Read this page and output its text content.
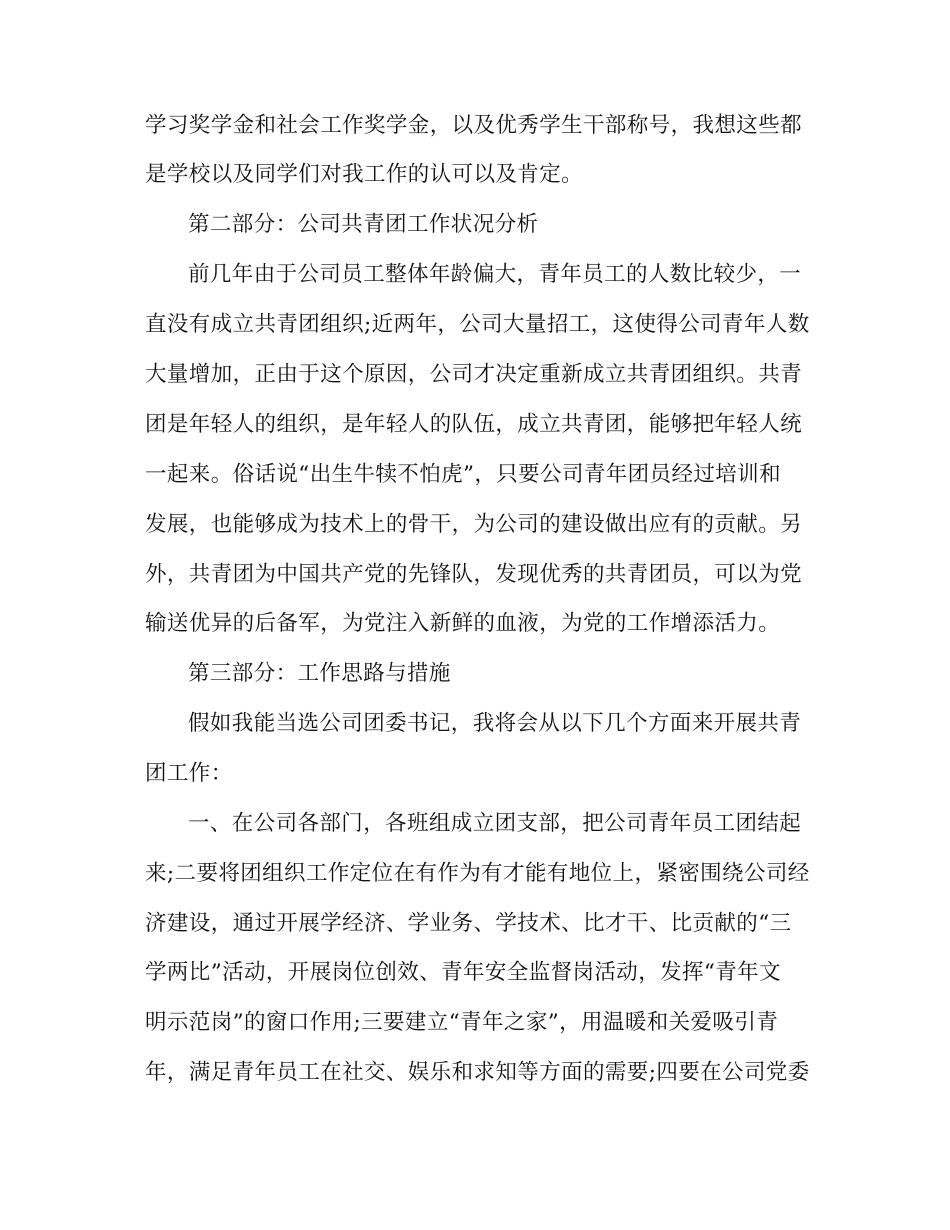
学习奖学金和社会工作奖学金，以及优秀学生干部称号，我想这些都
是学校以及同学们对我工作的认可以及肯定。
第二部分：公司共青团工作状况分析
前几年由于公司员工整体年龄偏大，青年员工的人数比较少，一
直没有成立共青团组织;近两年，公司大量招工，这使得公司青年人数
大量增加，正由于这个原因，公司才决定重新成立共青团组织。共青
团是年轻人的组织，是年轻人的队伍，成立共青团，能够把年轻人统
一起来。俗话说“出生牛犊不怕虎”，只要公司青年团员经过培训和
发展，也能够成为技术上的骨干，为公司的建设做出应有的贡献。另
外，共青团为中国共产党的先锋队，发现优秀的共青团员，可以为党
输送优异的后备军，为党注入新鲜的血液，为党的工作增添活力。
第三部分：工作思路与措施
假如我能当选公司团委书记，我将会从以下几个方面来开展共青
团工作：
一、在公司各部门，各班组成立团支部，把公司青年员工团结起
来;二要将团组织工作定位在有作为有才能有地位上，紧密围绕公司经
济建设，通过开展学经济、学业务、学技术、比才干、比贡献的“三
学两比”活动，开展岗位创效、青年安全监督岗活动，发挥“青年文
明示范岗”的窗口作用;三要建立“青年之家”，用温暖和关爱吸引青
年，满足青年员工在社交、娱乐和求知等方面的需要;四要在公司党委
